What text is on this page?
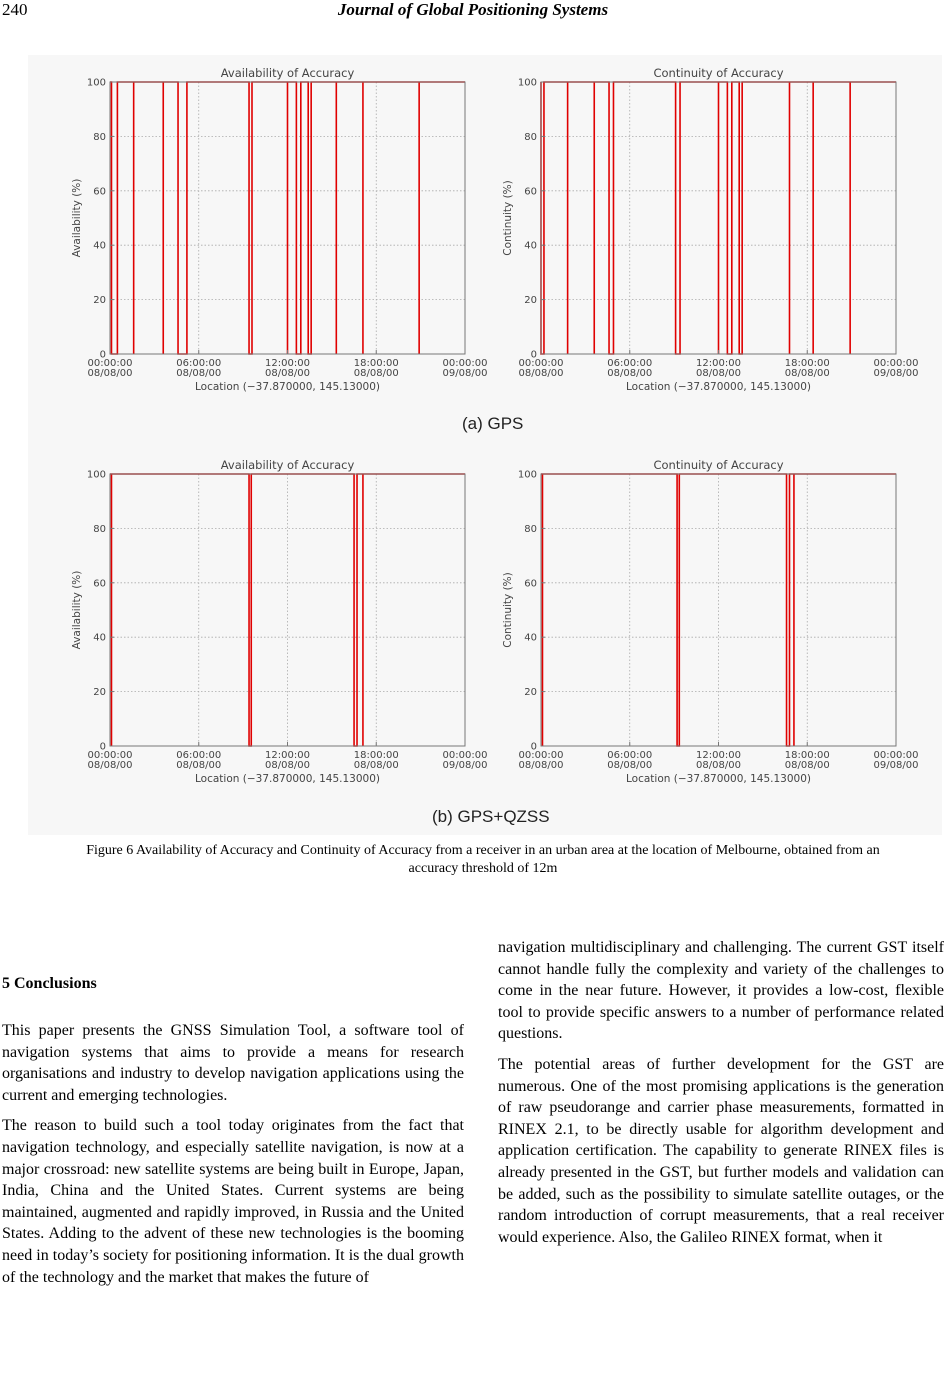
240	Journal of Global Positioning Systems
0
20
40
60
80
100
00:00:00
08/08/00
06:00:00
08/08/00
12:00:00
08/08/00
18:00:00
08/08/00
00:00:00
09/08/00
Availability of Accuracy
Location (−37.870000, 145.13000)
Availability (%)
0
20
40
60
80
100
00:00:00
08/08/00
06:00:00
08/08/00
12:00:00
08/08/00
18:00:00
08/08/00
00:00:00
09/08/00
Continuity of Accuracy
Location (−37.870000, 145.13000)
Continuity (%)
(a) GPS
0
20
40
60
80
100
00:00:00
08/08/00
06:00:00
08/08/00
12:00:00
08/08/00
18:00:00
08/08/00
00:00:00
09/08/00
Availability of Accuracy
Location (−37.870000, 145.13000)
Availability (%)
0
20
40
60
80
100
00:00:00
08/08/00
06:00:00
08/08/00
12:00:00
08/08/00
18:00:00
08/08/00
00:00:00
09/08/00
Continuity of Accuracy
Location (−37.870000, 145.13000)
Continuity (%)
(b) GPS+QZSS
Figure 6 Availability of Accuracy and Continuity of Accuracy from a receiver in an urban area at the location of Melbourne, obtained from an
accuracy threshold of 12m
5 Conclusions

This paper presents the GNSS Simulation Tool, a software tool of navigation systems that aims to provide a means for research organisations and industry to develop navigation applications using the current and emerging technologies.

The reason to build such a tool today originates from the fact that navigation technology, and especially satellite navigation, is now at a major crossroad: new satellite systems are being built in Europe, Japan, India, China and the United States. Current systems are being maintained, augmented and rapidly improved, in Russia and the United States. Adding to the advent of these new technologies is the booming need in today’s society for positioning information. It is the dual growth of the technology and the market that makes the future of

navigation multidisciplinary and challenging. The current GST itself cannot handle fully the complexity and variety of the challenges to come in the near future. However, it provides a low-cost, flexible tool to provide specific answers to a number of performance related questions.

The potential areas of further development for the GST are numerous. One of the most promising applications is the generation of raw pseudorange and carrier phase measurements, formatted in RINEX 2.1, to be directly usable for algorithm development and application certification. The capability to generate RINEX files is already presented in the GST, but further models and validation can be added, such as the possibility to simulate satellite outages, or the random introduction of corrupt measurements, that a real receiver would experience. Also, the Galileo RINEX format, when it
